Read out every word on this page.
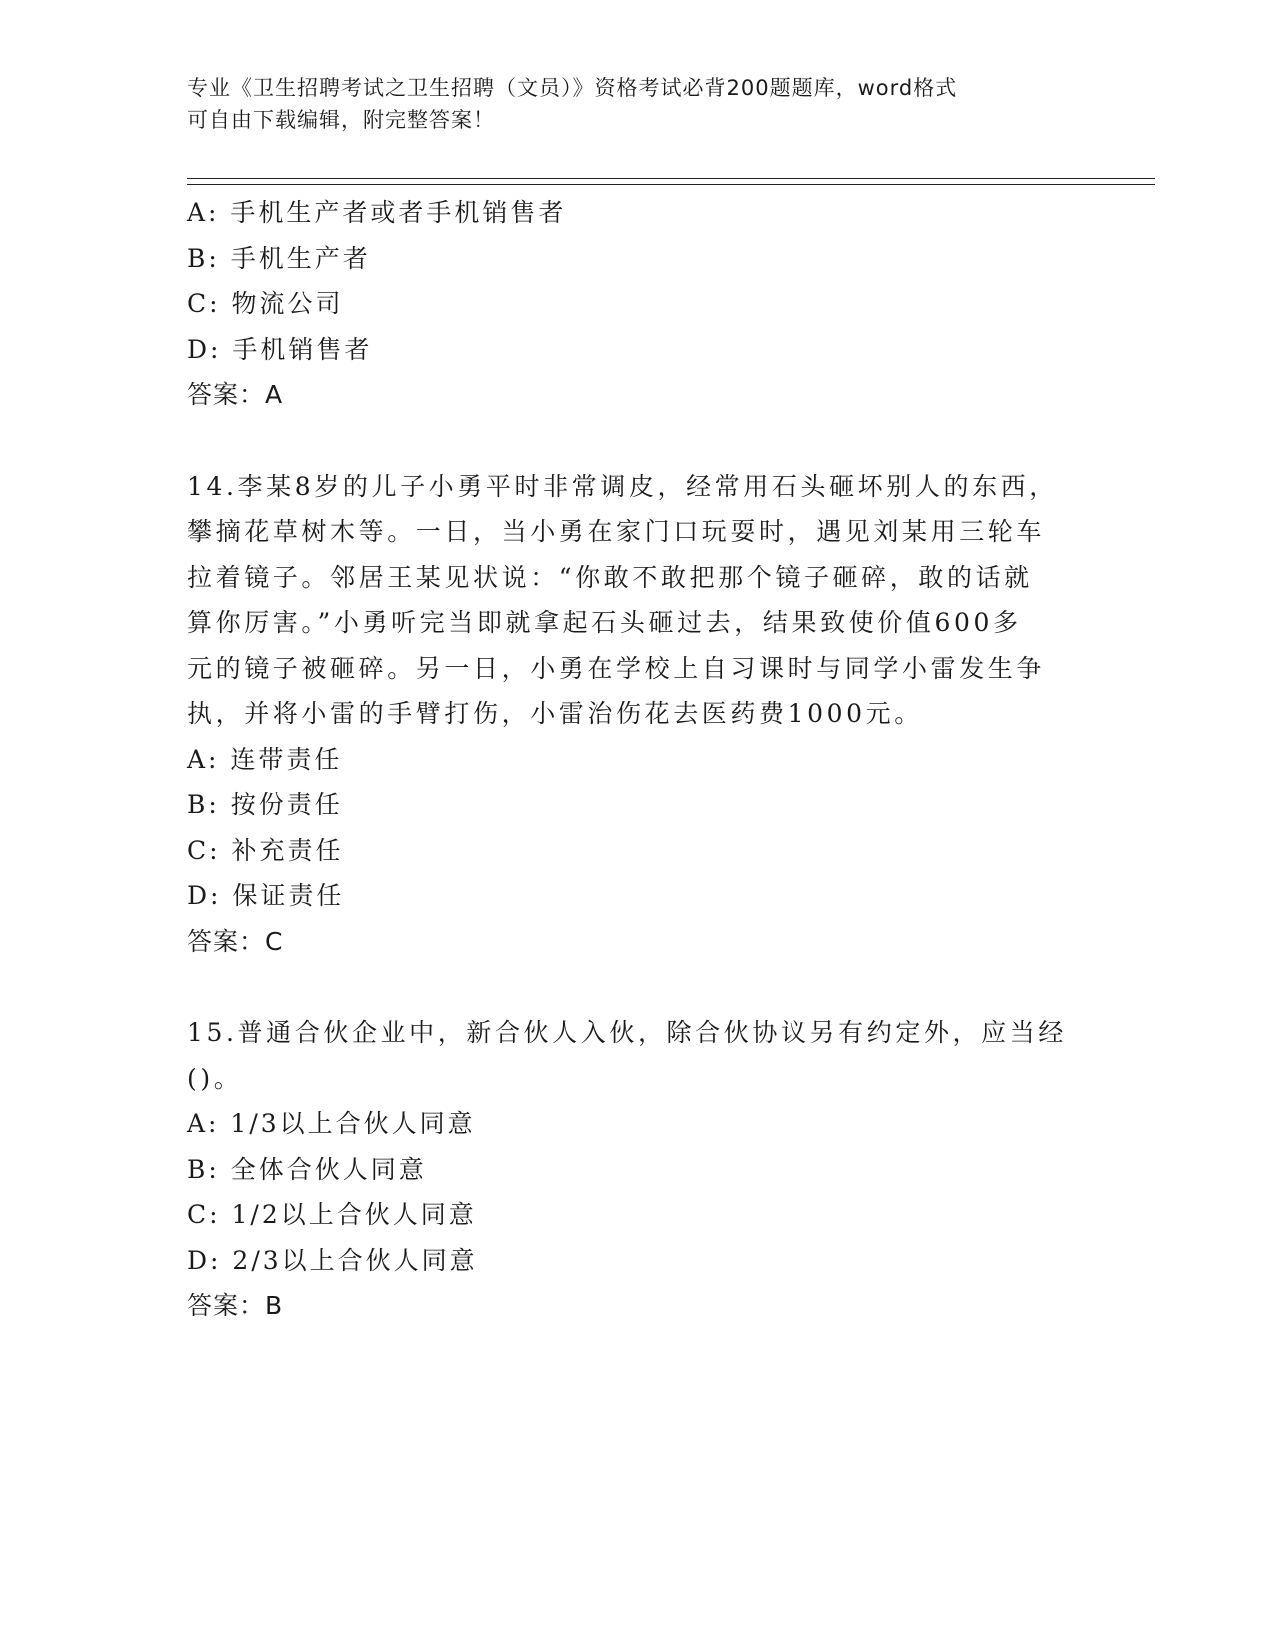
专业《卫生招聘考试之卫生招聘（文员）》资格考试必背200题题库，word格式
可自由下载编辑，附完整答案！
A: 手机生产者或者手机销售者
B: 手机生产者
C: 物流公司
D: 手机销售者
答案：A
14.李某8岁的儿子小勇平时非常调皮，经常用石头砸坏别人的东西，
攀摘花草树木等。一日，当小勇在家门口玩耍时，遇见刘某用三轮车
拉着镜子。邻居王某见状说：“你敢不敢把那个镜子砸碎，敢的话就
算你厉害。”小勇听完当即就拿起石头砸过去，结果致使价值600多
元的镜子被砸碎。另一日，小勇在学校上自习课时与同学小雷发生争
执，并将小雷的手臂打伤，小雷治伤花去医药费1000元。
A: 连带责任
B: 按份责任
C: 补充责任
D: 保证责任
答案：C
15.普通合伙企业中，新合伙人入伙，除合伙协议另有约定外，应当经
()。
A: 1/3以上合伙人同意
B: 全体合伙人同意
C: 1/2以上合伙人同意
D: 2/3以上合伙人同意
答案：B
